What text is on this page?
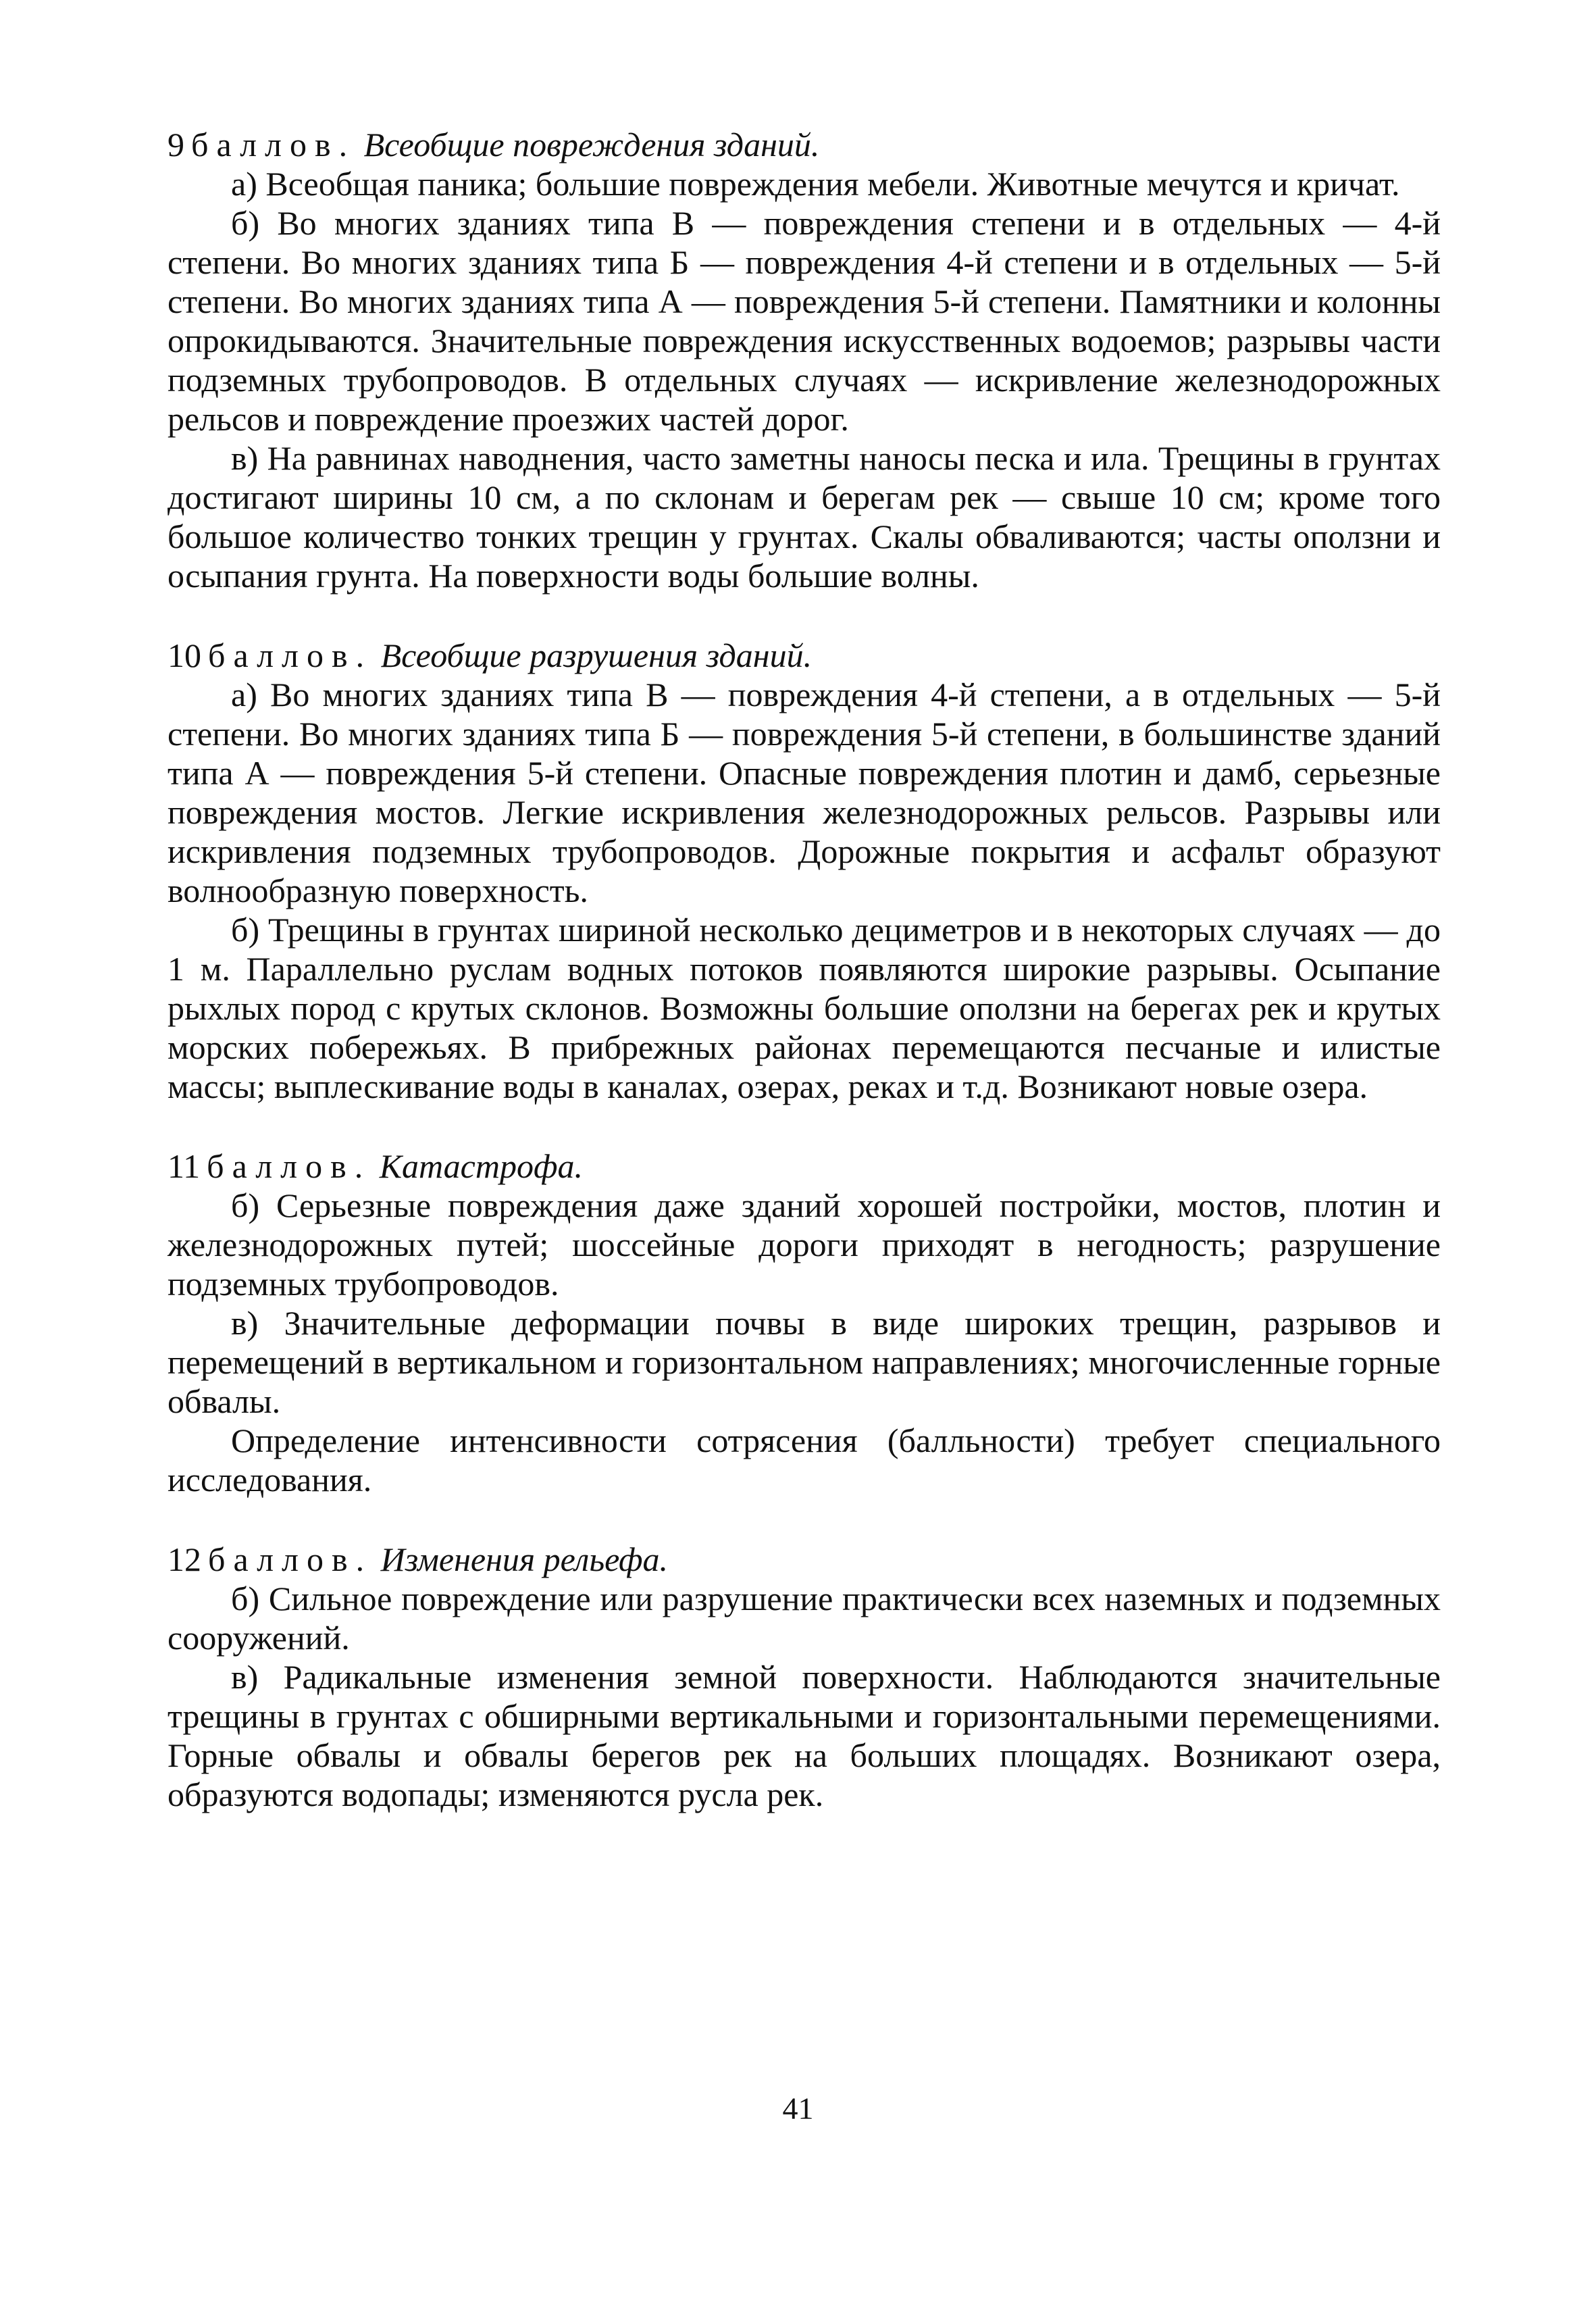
9 баллов. Всеобщие повреждения зданий.

а) Всеобщая паника; большие повреждения мебели. Животные мечутся и кричат.

б) Во многих зданиях типа В — повреждения степени и в отдельных — 4-й степени. Во многих зданиях типа Б — повреждения 4-й степени и в отдельных — 5-й степени. Во многих зданиях типа А — повреждения 5-й степени. Памятники и колонны опрокидываются. Значительные повреждения искусственных водоемов; разрывы части подземных трубопроводов. В отдельных случаях — искривление железнодорожных рельсов и повреждение проезжих частей дорог.

в) На равнинах наводнения, часто заметны наносы песка и ила. Трещины в грунтах достигают ширины 10 см, а по склонам и берегам рек — свыше 10 см; кроме того большое количество тонких трещин у грунтах. Скалы обваливаются; часты оползни и осыпания грунта. На поверхности воды большие волны.

10 баллов. Всеобщие разрушения зданий.

а) Во многих зданиях типа В — повреждения 4-й степени, а в отдельных — 5-й степени. Во многих зданиях типа Б — повреждения 5-й степени, в большинстве зданий типа А — повреждения 5-й степени. Опасные повреждения плотин и дамб, серьезные повреждения мостов. Легкие искривления железнодорожных рельсов. Разрывы или искривления подземных трубопроводов. Дорожные покрытия и асфальт образуют волнообразную поверхность.

б) Трещины в грунтах шириной несколько дециметров и в некоторых случаях — до 1 м. Параллельно руслам водных потоков появляются широкие разрывы. Осыпание рыхлых пород с крутых склонов. Возможны большие оползни на берегах рек и крутых морских побережьях. В прибрежных районах перемещаются песчаные и илистые массы; выплескивание воды в каналах, озерах, реках и т.д. Возникают новые озера.

11 баллов. Катастрофа.

б) Серьезные повреждения даже зданий хорошей постройки, мостов, плотин и железнодорожных путей; шоссейные дороги приходят в негодность; разрушение подземных трубопроводов.

в) Значительные деформации почвы в виде широких трещин, разрывов и перемещений в вертикальном и горизонтальном направлениях; многочисленные горные обвалы.

Определение интенсивности сотрясения (балльности) требует специального исследования.

12 баллов. Изменения рельефа.

б) Сильное повреждение или разрушение практически всех наземных и подземных сооружений.

в) Радикальные изменения земной поверхности. Наблюдаются значительные трещины в грунтах с обширными вертикальными и горизонтальными перемещениями. Горные обвалы и обвалы берегов рек на больших площадях. Возникают озера, образуются водопады; изменяются русла рек.

41
